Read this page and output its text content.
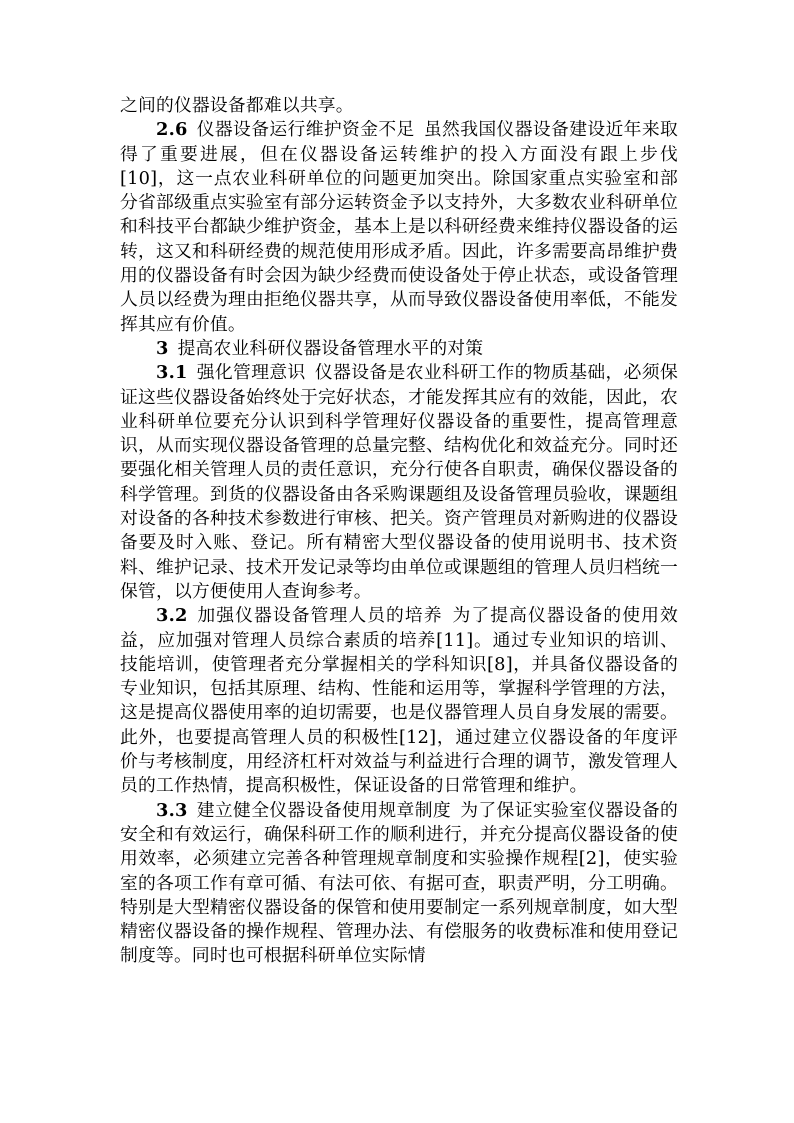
之间的仪器设备都难以共享。

2.6 仪器设备运行维护资金不足 虽然我国仪器设备建设近年来取得了重要进展，但在仪器设备运转维护的投入方面没有跟上步伐[10]，这一点农业科研单位的问题更加突出。除国家重点实验室和部分省部级重点实验室有部分运转资金予以支持外，大多数农业科研单位和科技平台都缺少维护资金，基本上是以科研经费来维持仪器设备的运转，这又和科研经费的规范使用形成矛盾。因此，许多需要高昂维护费用的仪器设备有时会因为缺少经费而使设备处于停止状态，或设备管理人员以经费为理由拒绝仪器共享，从而导致仪器设备使用率低，不能发挥其应有价值。

3 提高农业科研仪器设备管理水平的对策

3.1 强化管理意识 仪器设备是农业科研工作的物质基础，必须保证这些仪器设备始终处于完好状态，才能发挥其应有的效能，因此，农业科研单位要充分认识到科学管理好仪器设备的重要性，提高管理意识，从而实现仪器设备管理的总量完整、结构优化和效益充分。同时还要强化相关管理人员的责任意识，充分行使各自职责，确保仪器设备的科学管理。到货的仪器设备由各采购课题组及设备管理员验收，课题组对设备的各种技术参数进行审核、把关。资产管理员对新购进的仪器设备要及时入账、登记。所有精密大型仪器设备的使用说明书、技术资料、维护记录、技术开发记录等均由单位或课题组的管理人员归档统一保管，以方便使用人查询参考。

3.2 加强仪器设备管理人员的培养 为了提高仪器设备的使用效益，应加强对管理人员综合素质的培养[11]。通过专业知识的培训、技能培训，使管理者充分掌握相关的学科知识[8]，并具备仪器设备的专业知识，包括其原理、结构、性能和运用等，掌握科学管理的方法，这是提高仪器使用率的迫切需要，也是仪器管理人员自身发展的需要。此外，也要提高管理人员的积极性[12]，通过建立仪器设备的年度评价与考核制度，用经济杠杆对效益与利益进行合理的调节，激发管理人员的工作热情，提高积极性，保证设备的日常管理和维护。

3.3 建立健全仪器设备使用规章制度 为了保证实验室仪器设备的安全和有效运行，确保科研工作的顺利进行，并充分提高仪器设备的使用效率，必须建立完善各种管理规章制度和实验操作规程[2]，使实验室的各项工作有章可循、有法可依、有据可查，职责严明，分工明确。特别是大型精密仪器设备的保管和使用要制定一系列规章制度，如大型精密仪器设备的操作规程、管理办法、有偿服务的收费标准和使用登记制度等。同时也可根据科研单位实际情
